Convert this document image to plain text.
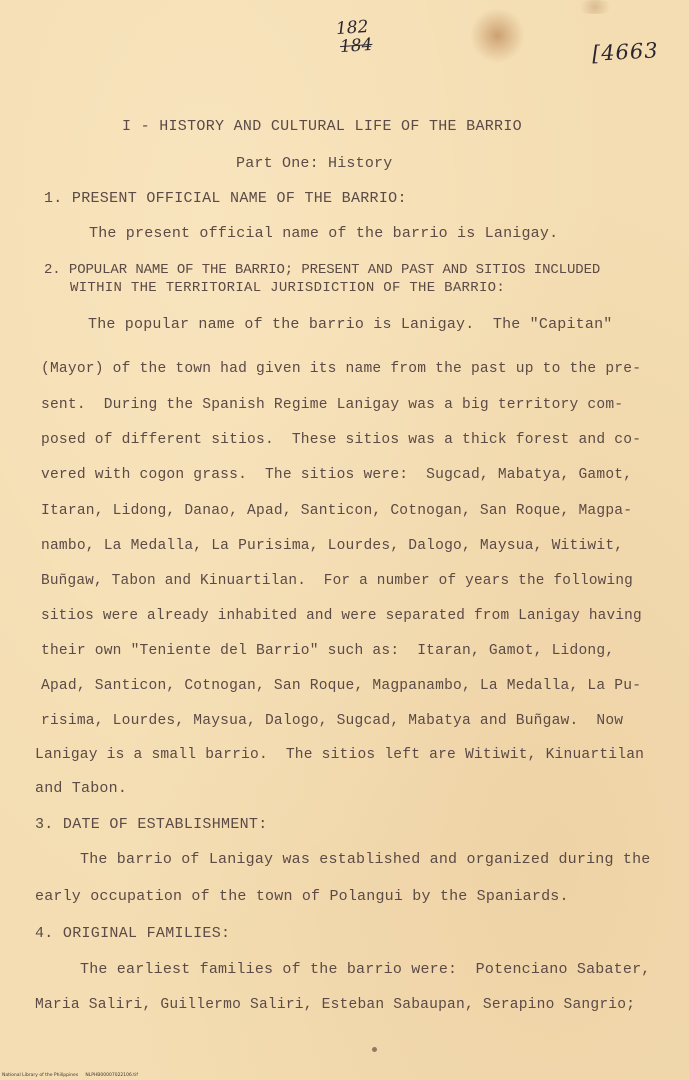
182
184	[4663
I - HISTORY AND CULTURAL LIFE OF THE BARRIO
Part One: History
1. PRESENT OFFICIAL NAME OF THE BARRIO:
The present official name of the barrio is Lanigay.
2. POPULAR NAME OF THE BARRIO; PRESENT AND PAST AND SITIOS INCLUDED
WITHIN THE TERRITORIAL JURISDICTION OF THE BARRIO:
The popular name of the barrio is Lanigay.  The "Capitan"
(Mayor) of the town had given its name from the past up to the pre-
sent.  During the Spanish Regime Lanigay was a big territory com-
posed of different sitios.  These sitios was a thick forest and co-
vered with cogon grass.  The sitios were:  Sugcad, Mabatya, Gamot,
Itaran, Lidong, Danao, Apad, Santicon, Cotnogan, San Roque, Magpa-
nambo, La Medalla, La Purisima, Lourdes, Dalogo, Maysua, Witiwit,
Buñgaw, Tabon and Kinuartilan.  For a number of years the following
sitios were already inhabited and were separated from Lanigay having
their own "Teniente del Barrio" such as:  Itaran, Gamot, Lidong,
Apad, Santicon, Cotnogan, San Roque, Magpanambo, La Medalla, La Pu-
risima, Lourdes, Maysua, Dalogo, Sugcad, Mabatya and Buñgaw.  Now
Lanigay is a small barrio.  The sitios left are Witiwit, Kinuartilan
and Tabon.
3. DATE OF ESTABLISHMENT:
The barrio of Lanigay was established and organized during the
early occupation of the town of Polangui by the Spaniards.
4. ORIGINAL FAMILIES:
The earliest families of the barrio were:  Potenciano Sabater,
Maria Saliri, Guillermo Saliri, Esteban Sabaupan, Serapino Sangrio;
National Library of the Philippines     NLPHB00007022106.tif
